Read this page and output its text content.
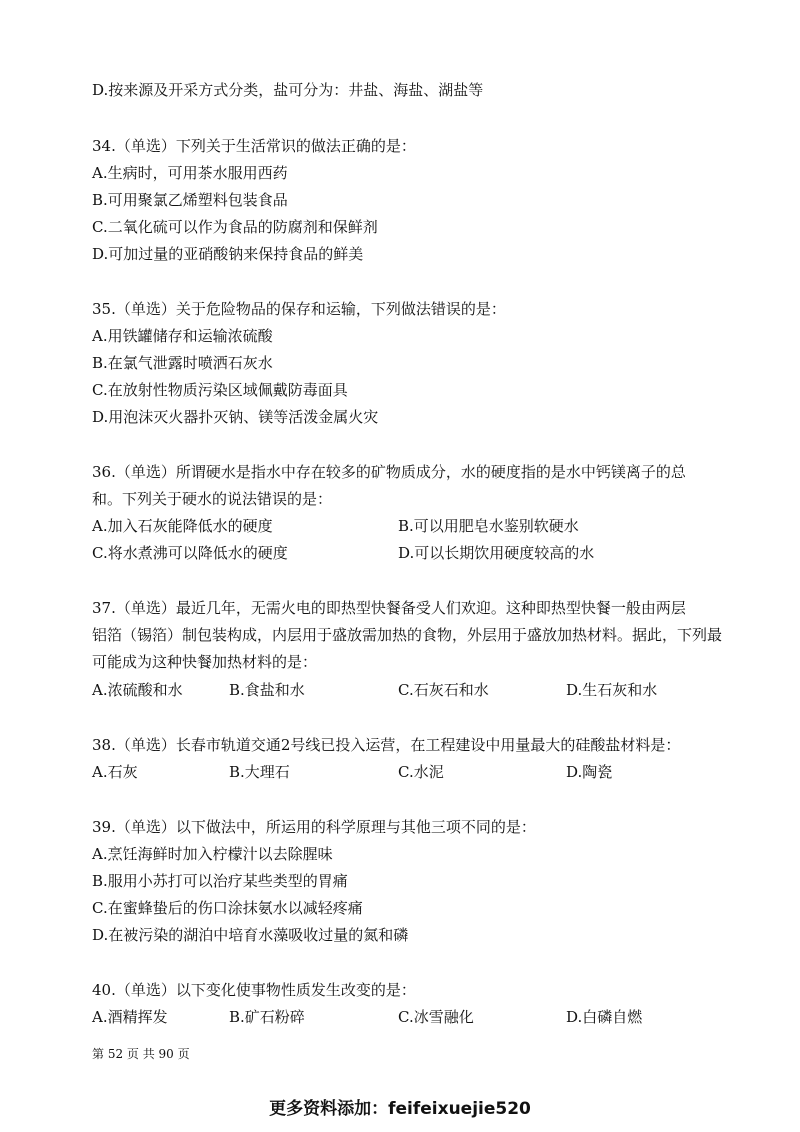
D.按来源及开采方式分类，盐可分为：井盐、海盐、湖盐等
34.（单选）下列关于生活常识的做法正确的是：
A.生病时，可用茶水服用西药
B.可用聚氯乙烯塑料包装食品
C.二氧化硫可以作为食品的防腐剂和保鲜剂
D.可加过量的亚硝酸钠来保持食品的鲜美
35.（单选）关于危险物品的保存和运输，下列做法错误的是：
A.用铁罐储存和运输浓硫酸
B.在氯气泄露时喷洒石灰水
C.在放射性物质污染区域佩戴防毒面具
D.用泡沫灭火器扑灭钠、镁等活泼金属火灾
36.（单选）所谓硬水是指水中存在较多的矿物质成分，水的硬度指的是水中钙镁离子的总
和。下列关于硬水的说法错误的是：
A.加入石灰能降低水的硬度	B.可以用肥皂水鉴别软硬水
C.将水煮沸可以降低水的硬度	D.可以长期饮用硬度较高的水
37.（单选）最近几年，无需火电的即热型快餐备受人们欢迎。这种即热型快餐一般由两层
铝箔（锡箔）制包装构成，内层用于盛放需加热的食物，外层用于盛放加热材料。据此，下列最
可能成为这种快餐加热材料的是：
A.浓硫酸和水	B.食盐和水	C.石灰石和水	D.生石灰和水
38.（单选）长春市轨道交通2号线已投入运营，在工程建设中用量最大的硅酸盐材料是：
A.石灰	B.大理石	C.水泥	D.陶瓷
39.（单选）以下做法中，所运用的科学原理与其他三项不同的是：
A.烹饪海鲜时加入柠檬汁以去除腥味
B.服用小苏打可以治疗某些类型的胃痛
C.在蜜蜂蛰后的伤口涂抹氨水以减轻疼痛
D.在被污染的湖泊中培育水藻吸收过量的氮和磷
40.（单选）以下变化使事物性质发生改变的是：
A.酒精挥发	B.矿石粉碎	C.冰雪融化	D.白磷自燃
第 52 页 共 90 页
更多资料添加：feifeixuejie520
